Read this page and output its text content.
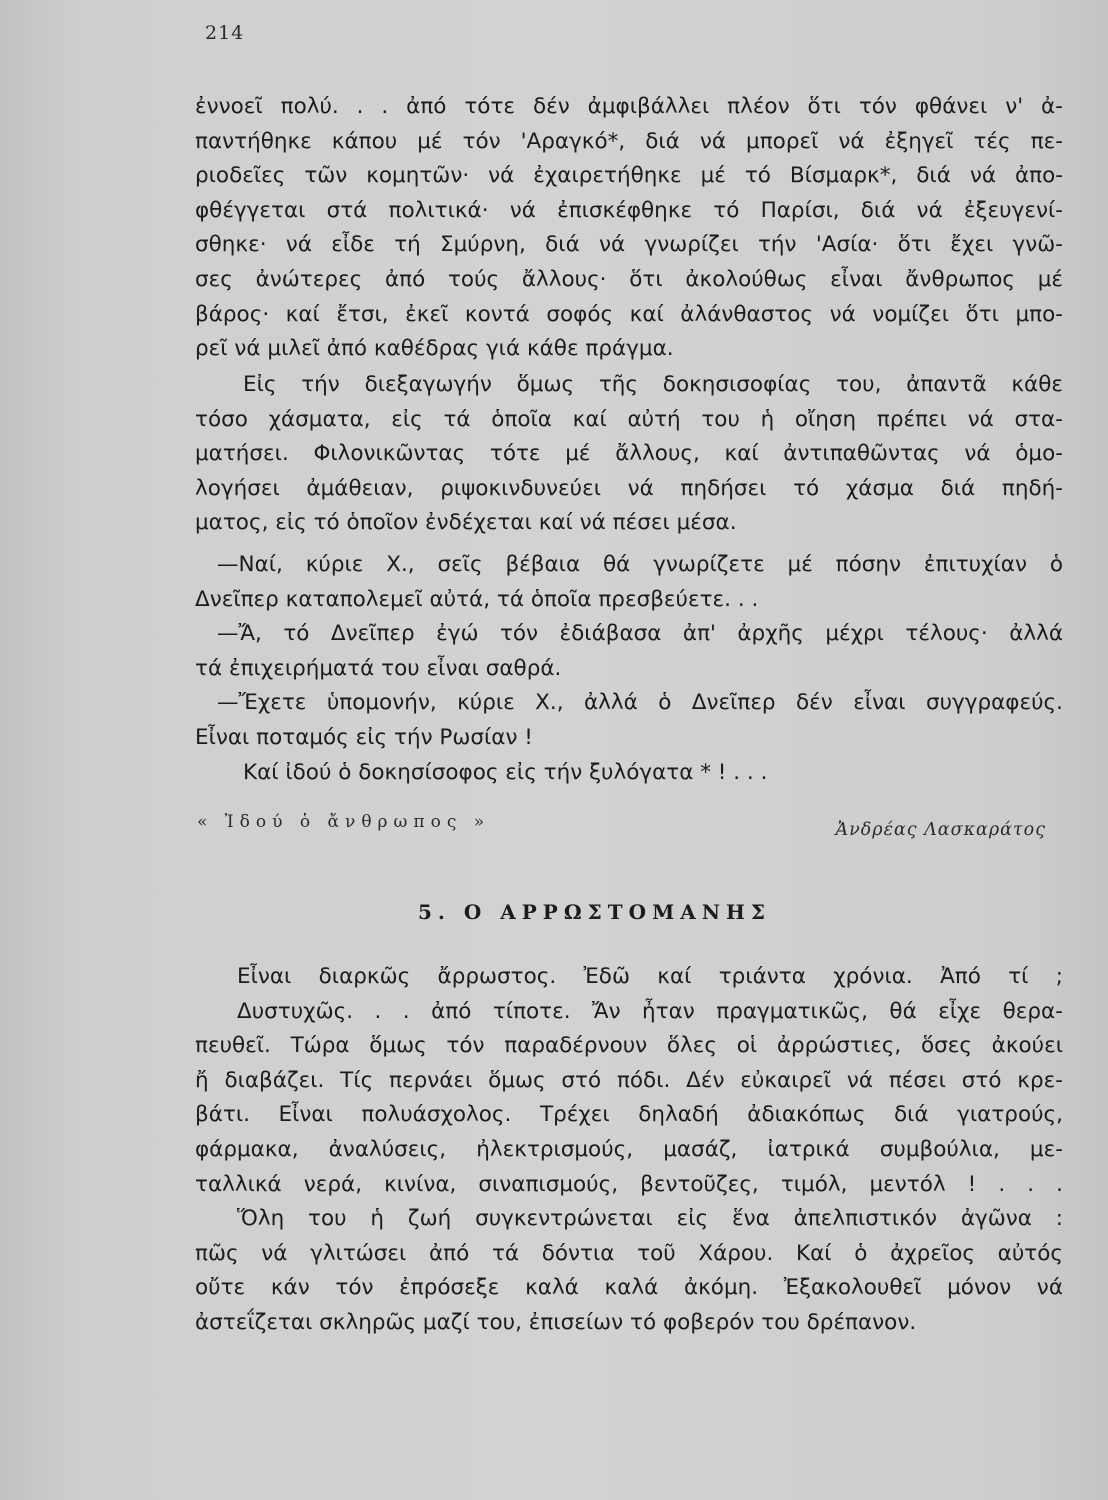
214
ἐννοεῖ πολύ. . . ἀπό τότε δέν ἀμφιβάλλει πλέον ὅτι τόν φθάνει ν' ἀ-
παντήθηκε κάπου μέ τόν 'Αραγκό*, διά νά μπορεῖ νά ἐξηγεῖ τές πε-
ριοδεῖες τῶν κομητῶν· νά ἐχαιρετήθηκε μέ τό Βίσμαρκ*, διά νά ἀπο-
φθέγγεται στά πολιτικά· νά ἐπισκέφθηκε τό Παρίσι, διά νά ἐξευγενί-
σθηκε· νά εἶδε τή Σμύρνη, διά νά γνωρίζει τήν 'Ασία· ὅτι ἔχει γνῶ-
σες ἀνώτερες ἀπό τούς ἄλλους· ὅτι ἀκολούθως εἶναι ἄνθρωπος μέ
βάρος· καί ἔτσι, ἐκεῖ κοντά σοφός καί ἀλάνθαστος νά νομίζει ὅτι μπο-
ρεῖ νά μιλεῖ ἀπό καθέδρας γιά κάθε πράγμα.
Εἰς τήν διεξαγωγήν ὅμως τῆς δοκησισοφίας του, ἀπαντᾶ κάθε
τόσο χάσματα, εἰς τά ὁποῖα καί αὐτή του ἡ οἴηση πρέπει νά στα-
ματήσει. Φιλονικῶντας τότε μέ ἄλλους, καί ἀντιπαθῶντας νά ὁμο-
λογήσει ἀμάθειαν, ριψοκινδυνεύει νά πηδήσει τό χάσμα διά πηδή-
ματος, εἰς τό ὁποῖον ἐνδέχεται καί νά πέσει μέσα.
—Ναί, κύριε Χ., σεῖς βέβαια θά γνωρίζετε μέ πόσην ἐπιτυχίαν ὁ
Δνεῖπερ καταπολεμεῖ αὐτά, τά ὁποῖα πρεσβεύετε. . .
—Ἄ, τό Δνεῖπερ ἐγώ τόν ἐδιάβασα ἀπ' ἀρχῆς μέχρι τέλους· ἀλλά
τά ἐπιχειρήματά του εἶναι σαθρά.
—Ἔχετε ὑπομονήν, κύριε Χ., ἀλλά ὁ Δνεῖπερ δέν εἶναι συγγραφεύς.
Εἶναι ποταμός εἰς τήν Ρωσίαν !
Καί ἰδού ὁ δοκησίσοφος εἰς τήν ξυλόγατα * ! . . .
« Ἰδού ὁ ἄνθρωπος »	Ἀνδρέας Λασκαράτος
5. Ο ΑΡΡΩΣΤΟΜΑΝΗΣ
Εἶναι διαρκῶς ἄρρωστος. Ἐδῶ καί τριάντα χρόνια. Ἀπό τί ;
Δυστυχῶς. . . ἀπό τίποτε. Ἄν ἦταν πραγματικῶς, θά εἶχε θερα-
πευθεῖ. Τώρα ὅμως τόν παραδέρνουν ὅλες οἱ ἀρρώστιες, ὅσες ἀκούει
ἤ διαβάζει. Τίς περνάει ὅμως στό πόδι. Δέν εὐκαιρεῖ νά πέσει στό κρε-
βάτι. Εἶναι πολυάσχολος. Τρέχει δηλαδή ἀδιακόπως διά γιατρούς,
φάρμακα, ἀναλύσεις, ἠλεκτρισμούς, μασάζ, ἰατρικά συμβούλια, με-
ταλλικά νερά, κινίνα, σιναπισμούς, βεντοῦζες, τιμόλ, μεντόλ ! . . .
Ὅλη του ἡ ζωή συγκεντρώνεται εἰς ἕνα ἀπελπιστικόν ἀγῶνα :
πῶς νά γλιτώσει ἀπό τά δόντια τοῦ Χάρου. Καί ὁ ἀχρεῖος αὐτός
οὔτε κάν τόν ἐπρόσεξε καλά καλά ἀκόμη. Ἐξακολουθεῖ μόνον νά
ἀστεΐζεται σκληρῶς μαζί του, ἐπισείων τό φοβερόν του δρέπανον.
